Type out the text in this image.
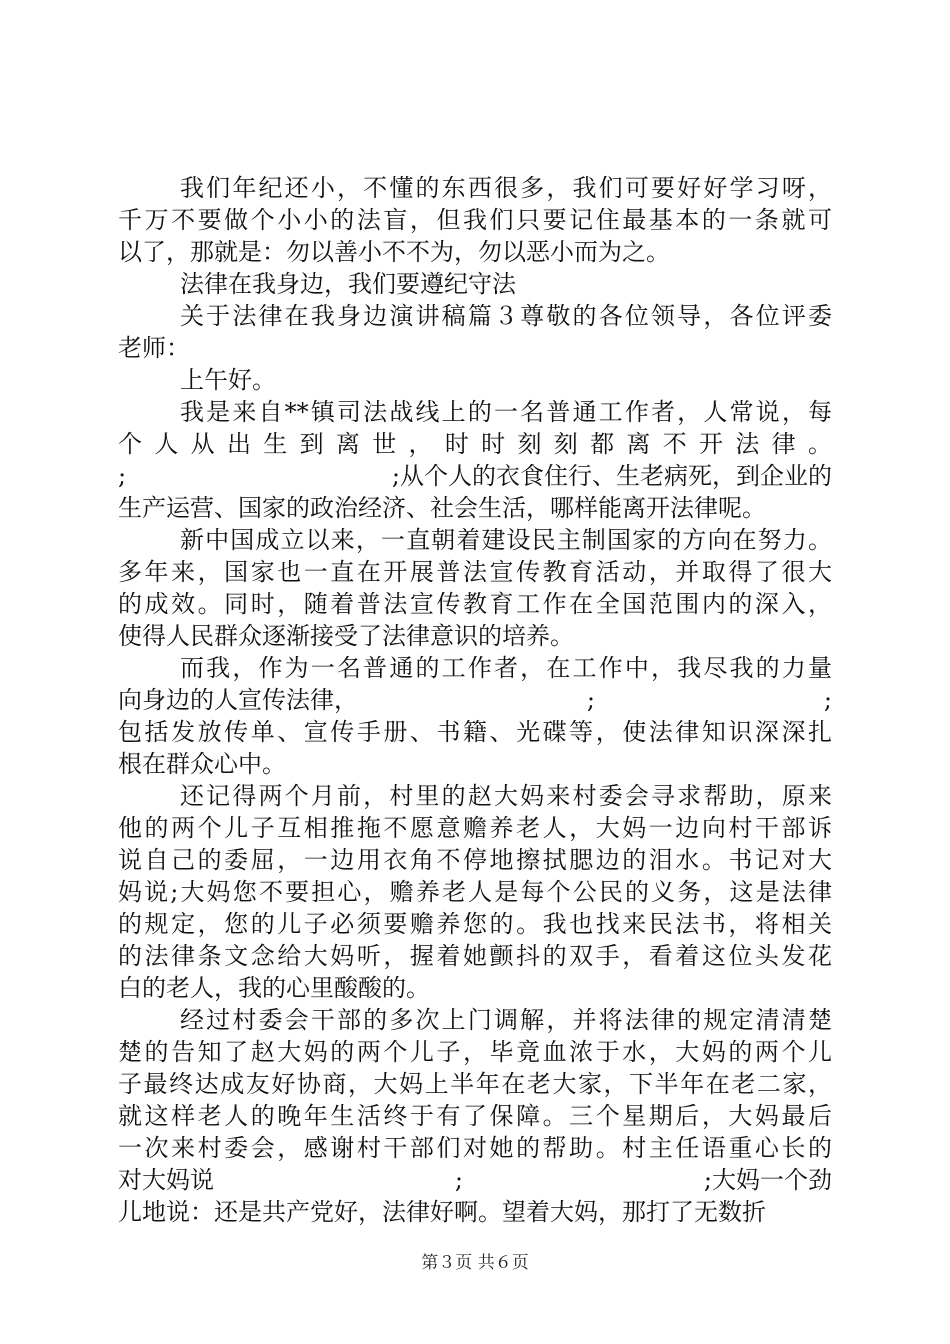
我们年纪还小，不懂的东西很多，我们可要好好学习呀，
千万不要做个小小的法盲，但我们只要记住最基本的一条就可
以了，那就是：勿以善小不不为，勿以恶小而为之。
法律在我身边，我们要遵纪守法
关于法律在我身边演讲稿篇３尊敬的各位领导，各位评委
老师：
上午好。
我是来自**镇司法战线上的一名普通工作者，人常说，每
个人从出生到离世，时时刻刻都离不开法律。
;	;从个人的衣食住行、生老病死，到企业的
生产运营、国家的政治经济、社会生活，哪样能离开法律呢。
新中国成立以来，一直朝着建设民主制国家的方向在努力。
多年来，国家也一直在开展普法宣传教育活动，并取得了很大
的成效。同时，随着普法宣传教育工作在全国范围内的深入，
使得人民群众逐渐接受了法律意识的培养。
而我，作为一名普通的工作者，在工作中，我尽我的力量
向身边的人宣传法律，	;	;
包括发放传单、宣传手册、书籍、光碟等，使法律知识深深扎
根在群众心中。
还记得两个月前，村里的赵大妈来村委会寻求帮助，原来
他的两个儿子互相推拖不愿意赡养老人，大妈一边向村干部诉
说自己的委屈，一边用衣角不停地擦拭腮边的泪水。书记对大
妈说;大妈您不要担心，赡养老人是每个公民的义务，这是法律
的规定，您的儿子必须要赡养您的。我也找来民法书，将相关
的法律条文念给大妈听，握着她颤抖的双手，看着这位头发花
白的老人，我的心里酸酸的。
经过村委会干部的多次上门调解，并将法律的规定清清楚
楚的告知了赵大妈的两个儿子，毕竟血浓于水，大妈的两个儿
子最终达成友好协商，大妈上半年在老大家，下半年在老二家，
就这样老人的晚年生活终于有了保障。三个星期后，大妈最后
一次来村委会，感谢村干部们对她的帮助。村主任语重心长的
对大妈说	;	;大妈一个劲
儿地说：还是共产党好，法律好啊。望着大妈，那打了无数折
第３页 共６页
